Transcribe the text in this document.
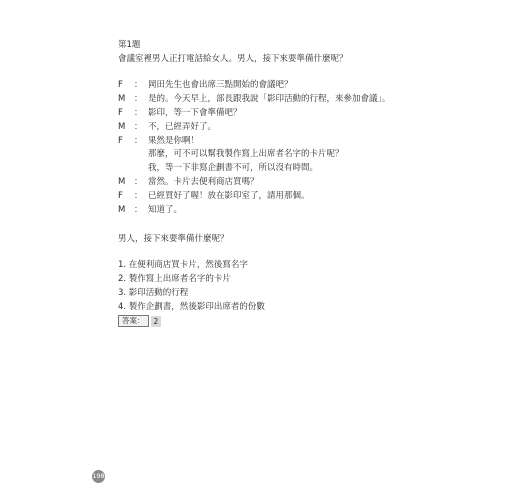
第1題
會議室裡男人正打電話給女人。男人，接下來要準備什麼呢？
F	： 岡田先生也會出席三點開始的會議吧？
M	： 是的。今天早上，部長跟我說「影印活動的行程，來參加會議」。
F	： 影印，等一下會準備吧？
M	： 不，已經弄好了。
F	： 果然是你啊！
那麼，可不可以幫我製作寫上出席者名字的卡片呢？
我，等一下非寫企劃書不可，所以沒有時間。
M	： 當然。卡片去便利商店買嗎？
F	： 已經買好了喔！放在影印室了，請用那個。
M	： 知道了。
男人，接下來要準備什麼呢？
1. 在便利商店買卡片，然後寫名字
2. 製作寫上出席者名字的卡片
3. 影印活動的行程
4. 製作企劃書，然後影印出席者的份數
答案：	2
198
